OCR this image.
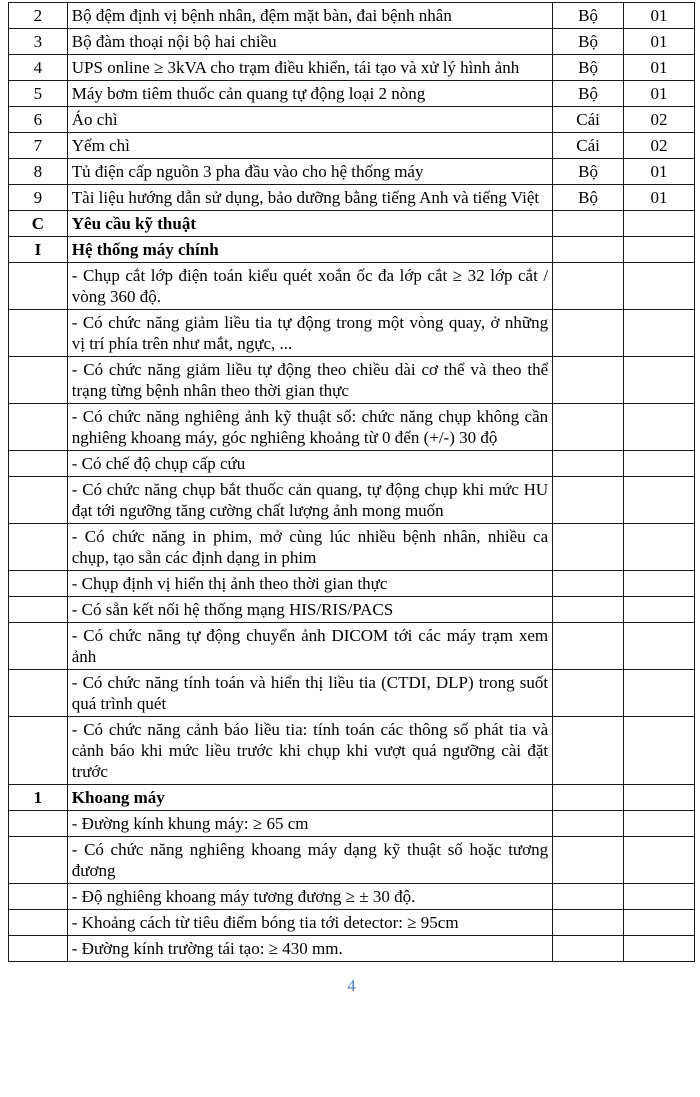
2	Bộ đệm định vị bệnh nhân, đệm mặt bàn, đai bệnh nhân	Bộ	01
3	Bộ đàm thoại nội bộ hai chiều	Bộ	01
4	UPS online ≥ 3kVA cho trạm điều khiển, tái tạo và xử lý hình ảnh	Bộ	01
5	Máy bơm tiêm thuốc cản quang tự động loại 2 nòng	Bộ	01
6	Áo chì	Cái	02
7	Yếm chì	Cái	02
8	Tủ điện cấp nguồn 3 pha đầu vào cho hệ thống máy	Bộ	01
9	Tài liệu hướng dẫn sử dụng, bảo dưỡng bằng tiếng Anh và tiếng Việt	Bộ	01
C	Yêu cầu kỹ thuật		
I	Hệ thống máy chính		
	- Chụp cắt lớp điện toán kiểu quét xoắn ốc đa lớp cắt ≥ 32 lớp cắt / vòng 360 độ.		
	- Có chức năng giảm liều tia tự động trong một vòng quay, ở những vị trí phía trên như mắt, ngực, ...		
	- Có chức năng giảm liều tự động theo chiều dài cơ thể và theo thể trạng từng bệnh nhân theo thời gian thực		
	- Có chức năng nghiêng ảnh kỹ thuật số: chức năng chụp không cần nghiêng khoang máy, góc nghiêng khoảng từ 0 đến (+/-) 30 độ		
	- Có chế độ chụp cấp cứu		
	- Có chức năng chụp bắt thuốc cản quang, tự động chụp khi mức HU đạt tới ngưỡng tăng cường chất lượng ảnh mong muốn		
	- Có chức năng in phim, mở cùng lúc nhiều bệnh nhân, nhiều ca chụp, tạo sẵn các định dạng in phim		
	- Chụp định vị hiển thị ảnh theo thời gian thực		
	- Có sẵn kết nối hệ thống mạng HIS/RIS/PACS		
	- Có chức năng tự động chuyển ảnh DICOM tới các máy trạm xem ảnh		
	- Có chức năng tính toán và hiển thị liều tia (CTDI, DLP) trong suốt quá trình quét		
	- Có chức năng cảnh báo liều tia: tính toán các thông số phát tia và cảnh báo khi mức liều trước khi chụp khi vượt quá ngưỡng cài đặt trước		
1	Khoang máy		
	- Đường kính khung máy: ≥ 65 cm		
	- Có chức năng nghiêng khoang máy dạng kỹ thuật số hoặc tương đương		
	- Độ nghiêng khoang máy tương đương ≥ ± 30 độ.		
	- Khoảng cách từ tiêu điểm bóng tia tới detector: ≥ 95cm		
	- Đường kính trường tái tạo: ≥ 430 mm.		
4
